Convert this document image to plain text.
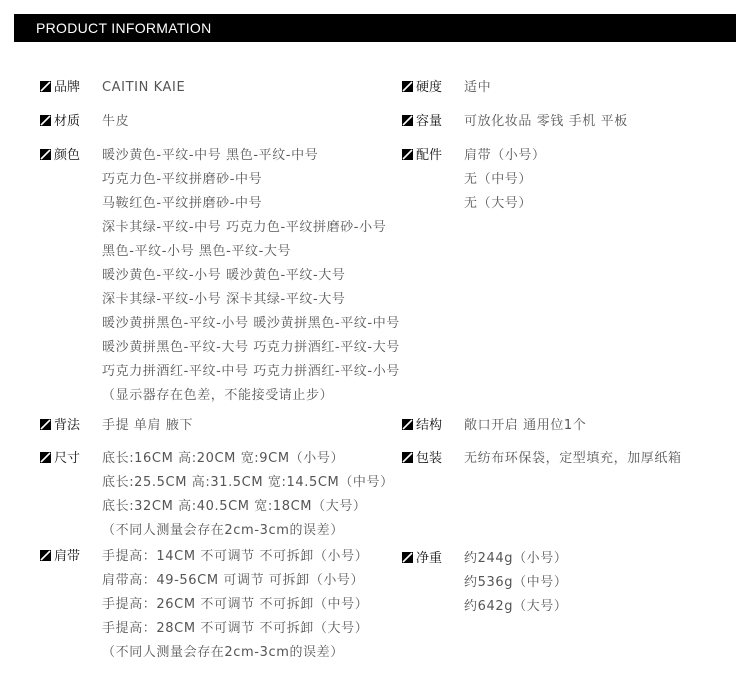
PRODUCT INFORMATION
品牌 CAITIN KAIE
材质 牛皮
颜色 暖沙黄色-平纹-中号 黑色-平纹-中号
巧克力色-平纹拼磨砂-中号
马鞍红色-平纹拼磨砂-中号
深卡其绿-平纹-中号 巧克力色-平纹拼磨砂-小号
黑色-平纹-小号 黑色-平纹-大号
暖沙黄色-平纹-小号 暖沙黄色-平纹-大号
深卡其绿-平纹-小号 深卡其绿-平纹-大号
暖沙黄拼黑色-平纹-小号 暖沙黄拼黑色-平纹-中号
暖沙黄拼黑色-平纹-大号 巧克力拼酒红-平纹-大号
巧克力拼酒红-平纹-中号 巧克力拼酒红-平纹-小号
（显示器存在色差，不能接受请止步）
背法 手提 单肩 腋下
尺寸 底长:16CM 高:20CM 宽:9CM（小号）
底长:25.5CM 高:31.5CM 宽:14.5CM（中号）
底长:32CM 高:40.5CM 宽:18CM（大号）
（不同人测量会存在2cm-3cm的误差）
肩带 手提高：14CM 不可调节 不可拆卸（小号）
肩带高：49-56CM 可调节 可拆卸（小号）
手提高：26CM 不可调节 不可拆卸（中号）
手提高：28CM 不可调节 不可拆卸（大号）
（不同人测量会存在2cm-3cm的误差）
硬度 适中
容量 可放化妆品 零钱 手机 平板
配件 肩带（小号）
无（中号）
无（大号）
结构 敞口开启 通用位1个
包装 无纺布环保袋，定型填充，加厚纸箱
净重 约244g（小号）
约536g（中号）
约642g（大号）
